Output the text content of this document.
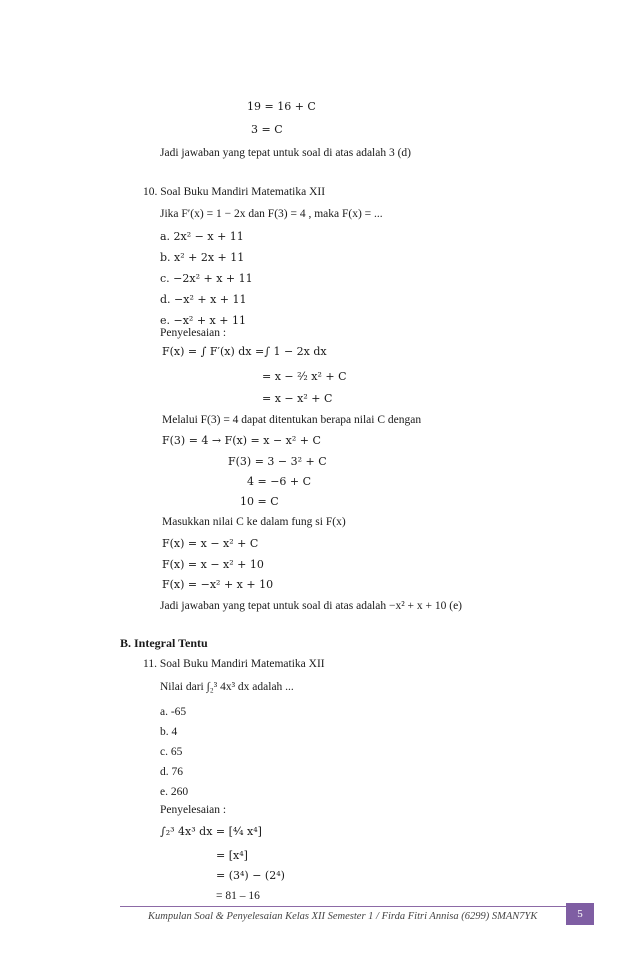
19 = 16 + C
3 = C
Jadi jawaban yang tepat untuk soal di atas adalah 3 (d)
10. Soal Buku Mandiri Matematika XII
Jika F′(x) = 1 − 2x dan F(3) = 4 , maka F(x) = ...
a. 2x² − x + 11
b. x² + 2x + 11
c. −2x² + x + 11
d. −x² + x + 11
e. −x² + x + 11
Penyelesaian :
F(x) = ∫ F′(x) dx =∫ 1 − 2x dx
= x − ²⁄₂ x² + C
= x − x² + C
Melalui F(3) = 4 dapat ditentukan berapa nilai C dengan
F(3) = 4 → F(x) = x − x² + C
F(3) = 3 − 3² + C
4 = −6 + C
10 = C
Masukkan nilai C ke dalam fung si F(x)
F(x) = x − x² + C
F(x) = x − x² + 10
F(x) = −x² + x + 10
Jadi jawaban yang tepat untuk soal di atas adalah −x² + x + 10 (e)
B. Integral Tentu
11. Soal Buku Mandiri Matematika XII
Nilai dari ∫₂³ 4x³ dx adalah ...
a. -65
b. 4
c. 65
d. 76
e. 260
Penyelesaian :
∫₂³ 4x³ dx = [⁴⁄₄ x⁴]
= [x⁴]
= (3⁴) − (2⁴)
= 81 – 16
Kumpulan Soal & Penyelesaian Kelas XII Semester 1 / Firda Fitri Annisa (6299) SMAN7YK	5
